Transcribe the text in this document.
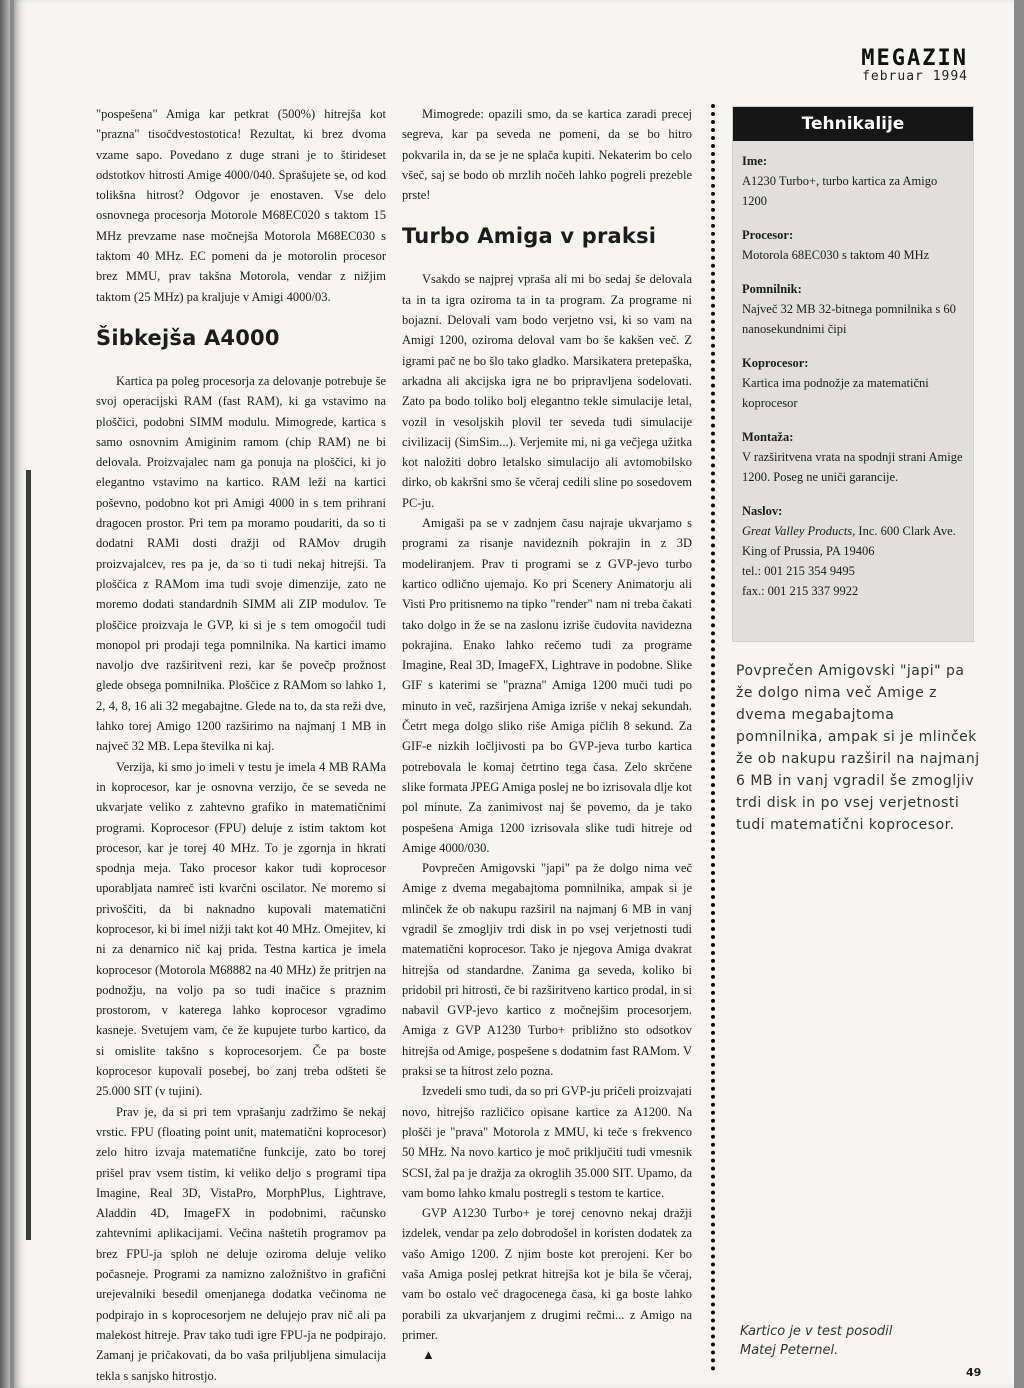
MEGAZIN
februar 1994

"pospešena" Amiga kar petkrat (500%) hitrejša kot "prazna" tisočdvestostotica! Rezultat, ki brez dvoma vzame sapo. Povedano z duge strani je to štirideset odstotkov hitrosti Amige 4000/040. Sprašujete se, od kod tolikšna hitrost? Odgovor je enostaven. Vse delo osnovnega procesorja Motorole M68EC020 s taktom 15 MHz prevzame nase močnejša Motorola M68EC030 s taktom 40 MHz. EC pomeni da je motorolin procesor brez MMU, prav takšna Motorola, vendar z nižjim taktom (25 MHz) pa kraljuje v Amigi 4000/03.

Šibkejša A4000

Kartica pa poleg procesorja za delovanje potrebuje še svoj operacijski RAM (fast RAM), ki ga vstavimo na ploščici, podobni SIMM modulu. Mimogrede, kartica s samo osnovnim Amiginim ramom (chip RAM) ne bi delovala. Proizvajalec nam ga ponuja na ploščici, ki jo elegantno vstavimo na kartico. RAM leži na kartici poševno, podobno kot pri Amigi 4000 in s tem prihrani dragocen prostor. Pri tem pa moramo poudariti, da so ti dodatni RAMi dosti dražji od RAMov drugih proizvajalcev, res pa je, da so ti tudi nekaj hitrejši. Ta ploščica z RAMom ima tudi svoje dimenzije, zato ne moremo dodati standardnih SIMM ali ZIP modulov. Te ploščice proizvaja le GVP, ki si je s tem omogočil tudi monopol pri prodaji tega pomnilnika. Na kartici imamo navoljo dve razširitveni rezi, kar še povečp prožnost glede obsega pomnilnika. Ploščice z RAMom so lahko 1, 2, 4, 8, 16 ali 32 megabajtne. Glede na to, da sta reži dve, lahko torej Amigo 1200 razširimo na najmanj 1 MB in največ 32 MB. Lepa številka ni kaj.

Verzija, ki smo jo imeli v testu je imela 4 MB RAMa in koprocesor, kar je osnovna verzijo, če se seveda ne ukvarjate veliko z zahtevno grafiko in matematičnimi programi. Koprocesor (FPU) deluje z istim taktom kot procesor, kar je torej 40 MHz. To je zgornja in hkrati spodnja meja. Tako procesor kakor tudi koprocesor uporabljata namreč isti kvarčni oscilator. Ne moremo si privoščiti, da bi naknadno kupovali matematični koprocesor, ki bi imel nižji takt kot 40 MHz. Omejitev, ki ni za denarnico nič kaj prida. Testna kartica je imela koprocesor (Motorola M68882 na 40 MHz) že pritrjen na podnožju, na voljo pa so tudi inačice s praznim prostorom, v katerega lahko koprocesor vgradimo kasneje. Svetujem vam, če že kupujete turbo kartico, da si omislite takšno s koprocesorjem. Če pa boste koprocesor kupovali posebej, bo zanj treba odšteti še 25.000 SIT (v tujini).

Prav je, da si pri tem vprašanju zadržimo še nekaj vrstic. FPU (floating point unit, matematični koprocesor) zelo hitro izvaja matematične funkcije, zato bo torej prišel prav vsem tistim, ki veliko deljo s programi tipa Imagine, Real 3D, VistaPro, MorphPlus, Lightrave, Aladdin 4D, ImageFX in podobnimi, računsko zahtevnimi aplikacijami. Večina naštetih programov pa brez FPU-ja sploh ne deluje oziroma deluje veliko počasneje. Programi za namizno založništvo in grafični urejevalniki besedil omenjanega dodatka večinoma ne podpirajo in s koprocesorjem ne delujejo prav nič ali pa malekost hitreje. Prav tako tudi igre FPU-ja ne podpirajo. Zamanj je pričakovati, da bo vaša priljubljena simulacija tekla s sanjsko hitrostjo.

Mimogrede: opazili smo, da se kartica zaradi precej segreva, kar pa seveda ne pomeni, da se bo hitro pokvarila in, da se je ne splača kupiti. Nekaterim bo celo všeč, saj se bodo ob mrzlih nočeh lahko pogreli prezeble prste!

Turbo Amiga v praksi

Vsakdo se najprej vpraša ali mi bo sedaj še delovala ta in ta igra oziroma ta in ta program. Za programe ni bojazni. Delovali vam bodo verjetno vsi, ki so vam na Amigi 1200, oziroma deloval vam bo še kakšen več. Z igrami pač ne bo šlo tako gladko. Marsikatera pretepaška, arkadna ali akcijska igra ne bo pripravljena sodelovati. Zato pa bodo toliko bolj elegantno tekle simulacije letal, vozil in vesoljskih plovil ter seveda tudi simulacije civilizacij (SimSim...). Verjemite mi, ni ga večjega užitka kot naložiti dobro letalsko simulacijo ali avtomobilsko dirko, ob kakršni smo še včeraj cedili sline po sosedovem PC-ju.

Amigaši pa se v zadnjem času najraje ukvarjamo s programi za risanje navideznih pokrajin in z 3D modeliranjem. Prav ti programi se z GVP-jevo turbo kartico odlično ujemajo. Ko pri Scenery Animatorju ali Visti Pro pritisnemo na tipko "render" nam ni treba čakati tako dolgo in že se na zaslonu izriše čudovita navidezna pokrajina. Enako lahko rečemo tudi za programe Imagine, Real 3D, ImageFX, Lightrave in podobne. Slike GIF s katerimi se "prazna" Amiga 1200 muči tudi po minuto in več, razširjena Amiga izriše v nekaj sekundah. Četrt mega dolgo sliko riše Amiga pičlih 8 sekund. Za GIF-e nizkih ločljivosti pa bo GVP-jeva turbo kartica potrebovala le komaj četrtino tega časa. Zelo skrčene slike formata JPEG Amiga poslej ne bo izrisovala dlje kot pol minute. Za zanimivost naj še povemo, da je tako pospešena Amiga 1200 izrisovala slike tudi hitreje od Amige 4000/030.

Povprečen Amigovski "japi" pa že dolgo nima več Amige z dvema megabajtoma pomnilnika, ampak si je mlinček že ob nakupu razširil na najmanj 6 MB in vanj vgradil še zmogljiv trdi disk in po vsej verjetnosti tudi matematični koprocesor. Tako je njegova Amiga dvakrat hitrejša od standardne. Zanima ga seveda, koliko bi pridobil pri hitrosti, če bi razširitveno kartico prodal, in si nabavil GVP-jevo kartico z močnejšim procesorjem. Amiga z GVP A1230 Turbo+ približno sto odsotkov hitrejša od Amige, pospešene s dodatnim fast RAMom. V praksi se ta hitrost zelo pozna.

Izvedeli smo tudi, da so pri GVP-ju pričeli proizvajati novo, hitrejšo različico opisane kartice za A1200. Na plošči je "prava" Motorola z MMU, ki teče s frekvenco 50 MHz. Na novo kartico je moč priključiti tudi vmesnik SCSI, žal pa je dražja za okroglih 35.000 SIT. Upamo, da vam bomo lahko kmalu postregli s testom te kartice.

GVP A1230 Turbo+ je torej cenovno nekaj dražji izdelek, vendar pa zelo dobrodošel in koristen dodatek za vašo Amigo 1200. Z njim boste kot prerojeni. Ker bo vaša Amiga poslej petkrat hitrejša kot je bila še včeraj, vam bo ostalo več dragocenega časa, ki ga boste lahko porabili za ukvarjanjem z drugimi rečmi... z Amigo na primer.

▲

Tehnikalije
Ime:
A1230 Turbo+, turbo kartica za Amigo 1200
Procesor:
Motorola 68EC030 s taktom 40 MHz
Pomnilnik:
Največ 32 MB 32-bitnega pomnilnika s 60 nanosekundnimi čipi
Koprocesor:
Kartica ima podnožje za matematični koprocesor
Montaža:
V razširitvena vrata na spodnji strani Amige 1200. Poseg ne uniči garancije.
Naslov:
Great Valley Products, Inc. 600 Clark Ave.
King of Prussia, PA 19406
tel.: 001 215 354 9495
fax.: 001 215 337 9922
Povprečen Amigovski "japi" pa že dolgo nima več Amige z dvema megabajtoma pomnilnika, ampak si je mlinček že ob nakupu razširil na najmanj 6 MB in vanj vgradil še zmogljiv trdi disk in po vsej verjetnosti tudi matematični koprocesor.
Kartico je v test posodil
Matej Peternel.
49
